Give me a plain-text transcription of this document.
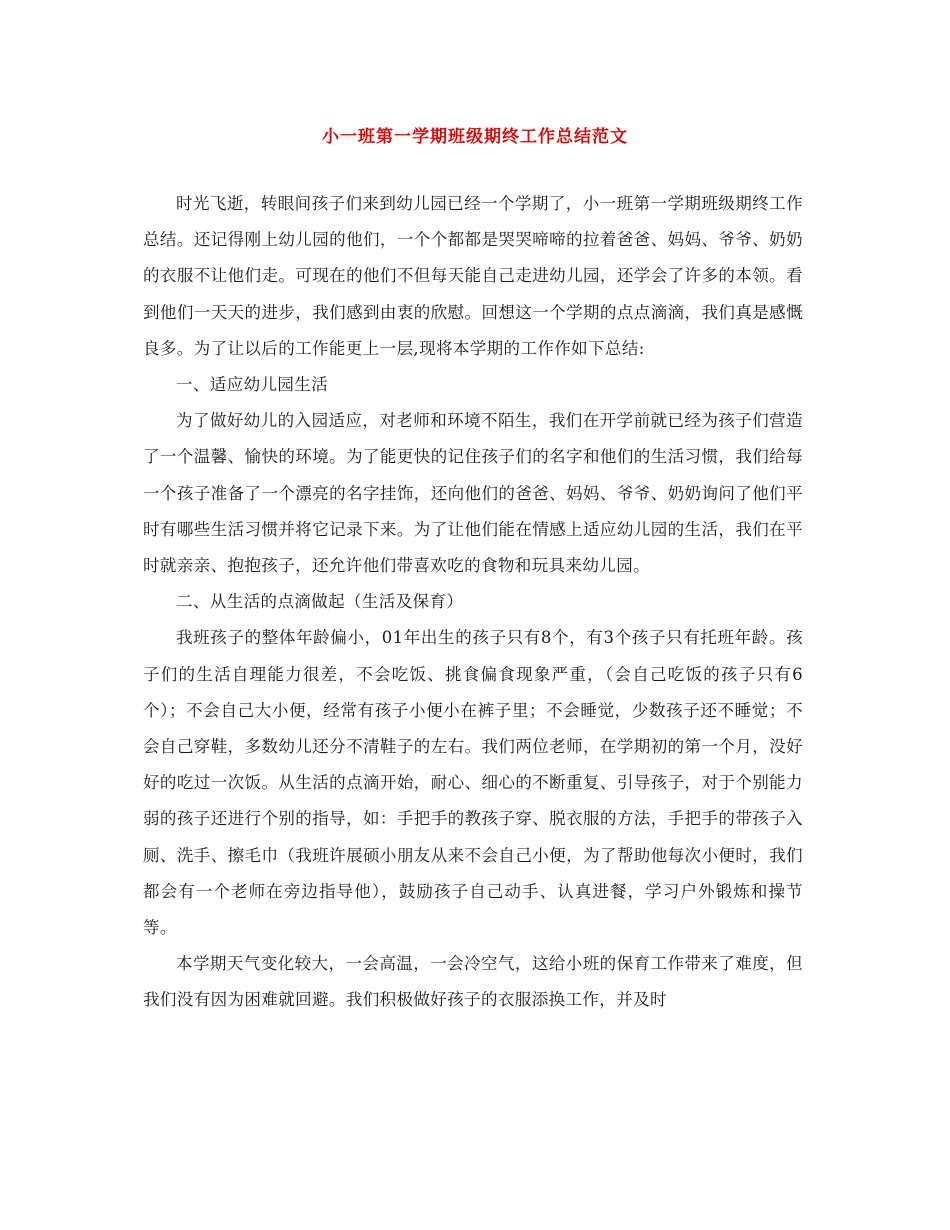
小一班第一学期班级期终工作总结范文

时光飞逝，转眼间孩子们来到幼儿园已经一个学期了，小一班第一学期班级期终工作总结。还记得刚上幼儿园的他们，一个个都都是哭哭啼啼的拉着爸爸、妈妈、爷爷、奶奶的衣服不让他们走。可现在的他们不但每天能自己走进幼儿园，还学会了许多的本领。看到他们一天天的进步，我们感到由衷的欣慰。回想这一个学期的点点滴滴，我们真是感慨良多。为了让以后的工作能更上一层,现将本学期的工作作如下总结:

一、适应幼儿园生活

为了做好幼儿的入园适应，对老师和环境不陌生，我们在开学前就已经为孩子们营造了一个温馨、愉快的环境。为了能更快的记住孩子们的名字和他们的生活习惯，我们给每一个孩子准备了一个漂亮的名字挂饰，还向他们的爸爸、妈妈、爷爷、奶奶询问了他们平时有哪些生活习惯并将它记录下来。为了让他们能在情感上适应幼儿园的生活，我们在平时就亲亲、抱抱孩子，还允许他们带喜欢吃的食物和玩具来幼儿园。

二、从生活的点滴做起（生活及保育）

我班孩子的整体年龄偏小，01年出生的孩子只有8个，有3个孩子只有托班年龄。孩子们的生活自理能力很差，不会吃饭、挑食偏食现象严重，（会自己吃饭的孩子只有6个）；不会自己大小便，经常有孩子小便小在裤子里；不会睡觉，少数孩子还不睡觉；不会自己穿鞋，多数幼儿还分不清鞋子的左右。我们两位老师，在学期初的第一个月，没好好的吃过一次饭。从生活的点滴开始，耐心、细心的不断重复、引导孩子，对于个别能力弱的孩子还进行个别的指导，如：手把手的教孩子穿、脱衣服的方法，手把手的带孩子入厕、洗手、擦毛巾（我班许展硕小朋友从来不会自己小便，为了帮助他每次小便时，我们都会有一个老师在旁边指导他），鼓励孩子自己动手、认真进餐，学习户外锻炼和操节等。

本学期天气变化较大，一会高温，一会冷空气，这给小班的保育工作带来了难度，但我们没有因为困难就回避。我们积极做好孩子的衣服添换工作，并及时
